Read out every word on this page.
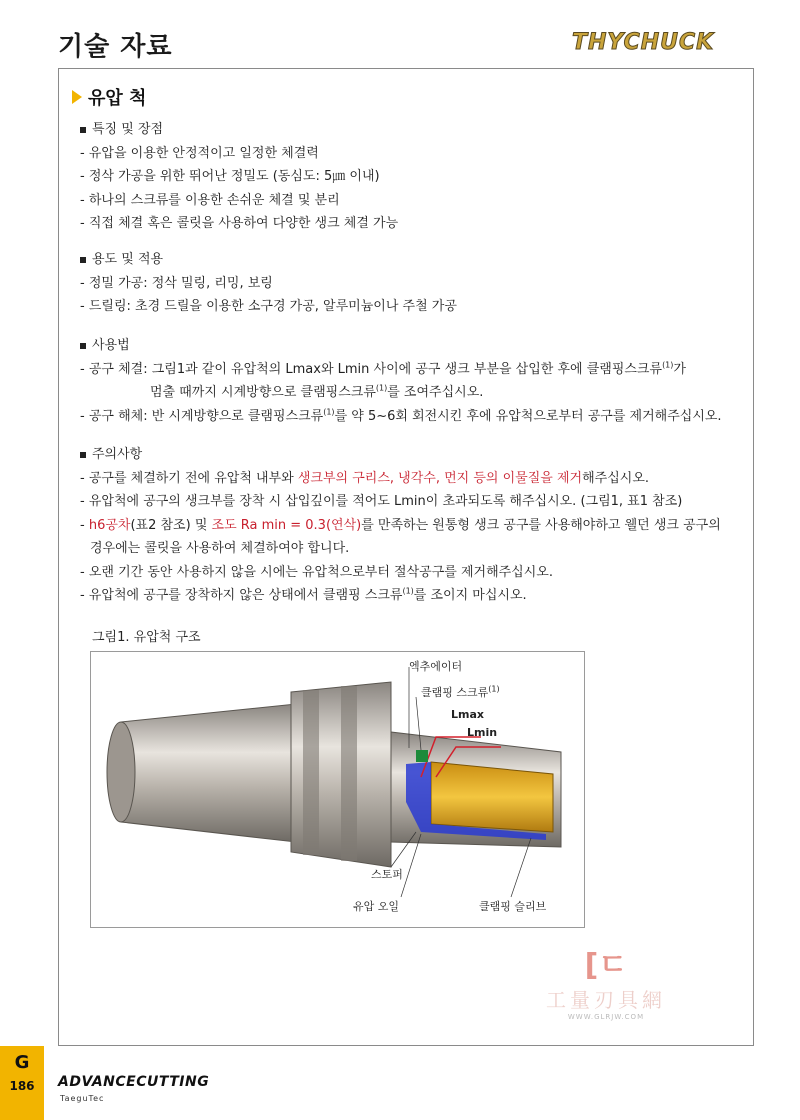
기술 자료	THYCHUCK
유압 척
특징 및 장점
- 유압을 이용한 안정적이고 일정한 체결력
- 정삭 가공을 위한 뛰어난 정밀도 (동심도: 5㎛ 이내)
- 하나의 스크류를 이용한 손쉬운 체결 및 분리
- 직접 체결 혹은 콜릿을 사용하여 다양한 생크 체결 가능
용도 및 적용
- 정밀 가공: 정삭 밀링, 리밍, 보링
- 드릴링: 초경 드릴을 이용한 소구경 가공, 알루미늄이나 주철 가공
사용법
- 공구 체결: 그림1과 같이 유압척의 Lmax와 Lmin 사이에 공구 생크 부분을 삽입한 후에 클램핑스크류$^{(1)}$가
멈출 때까지 시계방향으로 클램핑스크류$^{(1)}$를 조여주십시오.
- 공구 해체: 반 시계방향으로 클램핑스크류$^{(1)}$를 약 5~6회 회전시킨 후에 유압척으로부터 공구를 제거해주십시오.
주의사항
- 공구를 체결하기 전에 유압척 내부와 생크부의 구리스, 냉각수, 먼지 등의 이물질을 제거해주십시오.
- 유압척에 공구의 생크부를 장착 시 삽입깊이를 적어도 Lmin이 초과되도록 해주십시오. (그림1, 표1 참조)
- h6공차(표2 참조) 및 조도 Ra min = 0.3(연삭)를 만족하는 원통형 생크 공구를 사용해야하고 웰던 생크 공구의
경우에는 콜릿을 사용하여 체결하여야 합니다.
- 오랜 기간 동안 사용하지 않을 시에는 유압척으로부터 절삭공구를 제거해주십시오.
- 유압척에 공구를 장착하지 않은 상태에서 클램핑 스크류$^{(1)}$를 조이지 마십시오.
그림1. 유압척 구조
엑추에이터
클램핑 스크류$^{(1)}$
Lmax
Lmin
스토퍼
유압 오일	클램핑 슬리브
[ㄷ
工量刃具網
WWW.GLRJW.COM
G
186	ADVANCECUTTING
TaeguTec
